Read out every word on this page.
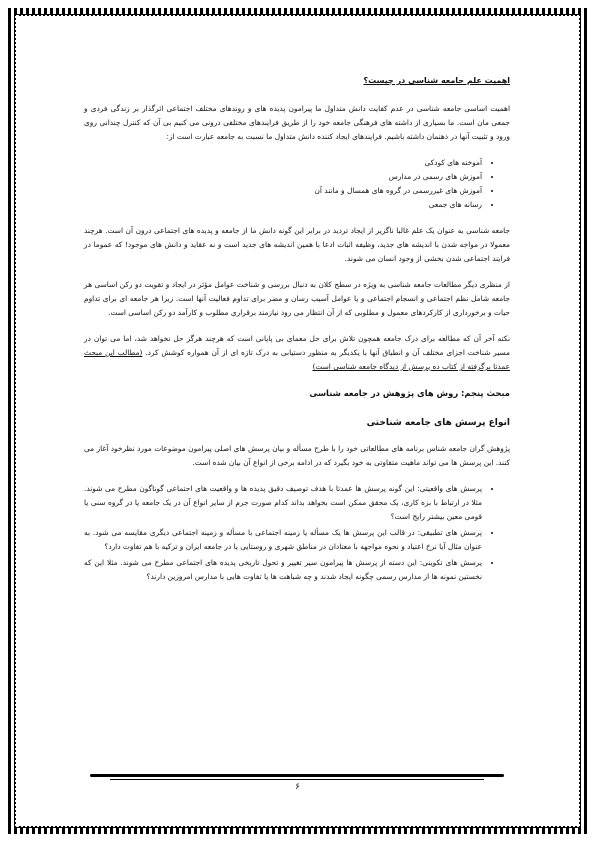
اهمیت علم جامعه شناسی در چیست؟

اهمیت اساسی جامعه شناسی در عدم کفایت دانش متداول ما پیرامون پدیده های و روندهای مختلف اجتماعی اثرگذار بر زندگی فردی و جمعی مان است. ما بسیاری از داشته های فرهنگی جامعه خود را از طریق فرایندهای مختلفی درونی می کنیم بی آن که کنترل چندانی روی ورود و تثبیت آنها در ذهنمان داشته باشیم. فرایندهای ایجاد کننده دانش متداول ما نسبت به جامعه عبارت است از:

• آموخته های کودکی
• آموزش های رسمی در مدارس
• آموزش های غیررسمی در گروه های همسال و مانند آن
• رسانه های جمعی

جامعه شناسی به عنوان یک علم غالبا ناگزیر از ایجاد تردید در برابر این گونه دانش ما از جامعه و پدیده های اجتماعی درون آن است. هرچند معمولا در مواجه شدن با اندیشه های جدید، وظیفه اثبات ادعا با همین اندیشه های جدید است و نه عقاید و دانش های موجود! که عموما در فرایند اجتماعی شدن بخشی از وجود انسان می شوند.

از منظری دیگر مطالعات جامعه شناسی به ویژه در سطح کلان به دنبال بررسی و شناخت عوامل مؤثر در ایجاد و تقویت دو رکن اساسی هر جامعه شامل نظم اجتماعی و انسجام اجتماعی و یا عوامل آسیب رسان و مضر برای تداوم فعالیت آنها است. زیرا هر جامعه ای برای تداوم حیات و برخورداری از کارکردهای معمول و مطلوبی که از آن انتظار می رود نیازمند برقراری مطلوب و کارآمد دو رکن اساسی است.

نکته آخر آن که مطالعه برای درک جامعه همچون تلاش برای حل معمای بی پایانی است که هرچند هرگز حل نخواهد شد، اما می توان در مسیر شناخت اجزای مختلف آن و انطباق آنها با یکدیگر به منظور دستیابی به درک تازه ای از آن همواره کوشش کرد. (مطالب این مبحث عمدتا برگرفته از کتاب ده پرسش از دیدگاه جامعه شناسی است)

مبحث پنجم: روش های پژوهش در جامعه شناسی
انواع پرسش های جامعه شناختی

پژوهش گران جامعه شناس برنامه های مطالعاتی خود را با طرح مسأله و بیان پرسش های اصلی پیرامون موضوعات مورد نظرخود آغاز می کنند. این پرسش ها می تواند ماهیت متفاوتی به خود بگیرد که در ادامه برخی از انواع آن بیان شده است.

• پرسش های واقعیتی: این گونه پرسش ها عمدتا با هدف توصیف دقیق پدیده ها و واقعیت های اجتماعی گوناگون مطرح می شوند. مثلا در ارتباط با بزه کاری، یک محقق ممکن است بخواهد بداند کدام صورت جرم از سایر انواع آن در یک جامعه یا در گروه سنی یا قومی معین بیشتر رایج است؟
• پرسش های تطبیقی: در قالب این پرسش ها یک مسأله یا زمینه اجتماعی با مسأله و زمینه اجتماعی دیگری مقایسه می شود. به عنوان مثال آیا نرخ اعتیاد و نحوه مواجهه با معتادان در مناطق شهری و روستایی یا در جامعه ایران و ترکیه با هم تفاوت دارد؟
• پرسش های تکوینی: این دسته از پرسش ها پیرامون سیر تغییر و تحول تاریخی پدیده های اجتماعی مطرح می شوند. مثلا این که نخستین نمونه ها از مدارس رسمی چگونه ایجاد شدند و چه شباهت ها یا تفاوت هایی با مدارس امروزین دارند؟
۶
